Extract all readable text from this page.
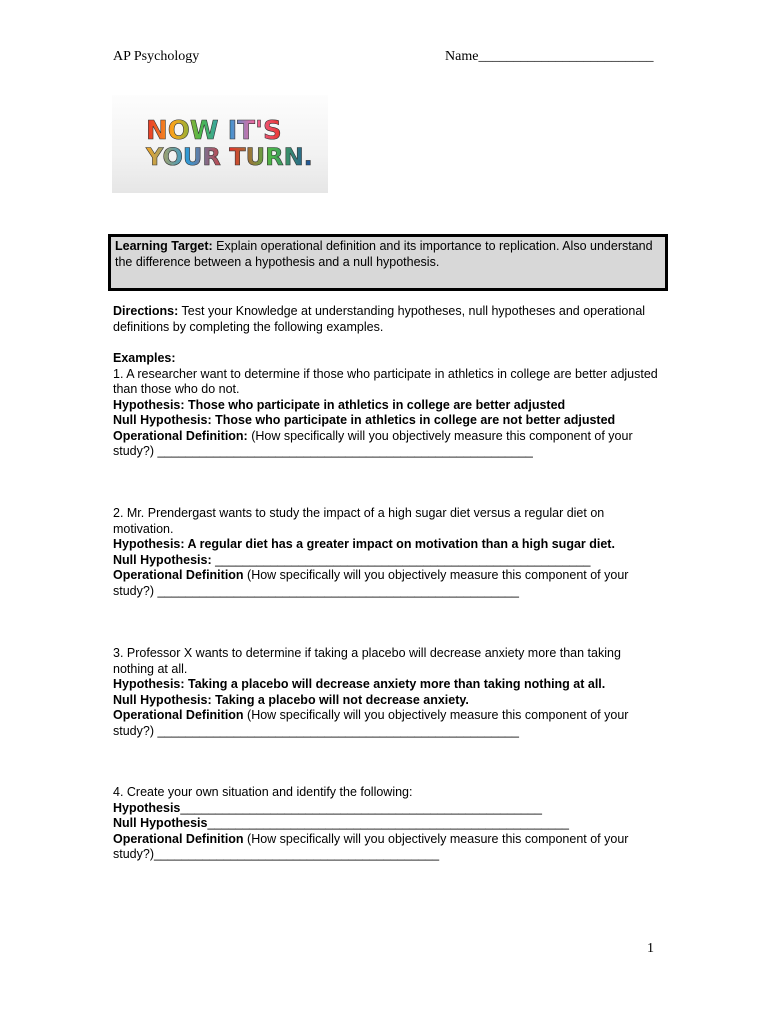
AP Psychology	Name_________________________
NOW IT'S
YOUR TURN.
Learning Target: Explain operational definition and its importance to replication. Also understand the difference between a hypothesis and a null hypothesis.

Directions: Test your Knowledge at understanding hypotheses, null hypotheses and operational definitions by completing the following examples.

Examples:

1. A researcher want to determine if those who participate in athletics in college are better adjusted than those who do not.

Hypothesis: Those who participate in athletics in college are better adjusted

Null Hypothesis: Those who participate in athletics in college are not better adjusted

Operational Definition: (How specifically will you objectively measure this component of your study?) ______________________________________________________

2. Mr. Prendergast wants to study the impact of a high sugar diet versus a regular diet on motivation.

Hypothesis: A regular diet has a greater impact on motivation than a high sugar diet.

Null Hypothesis: ______________________________________________________

Operational Definition (How specifically will you objectively measure this component of your study?) ____________________________________________________

3. Professor X wants to determine if taking a placebo will decrease anxiety more than taking nothing at all.

Hypothesis: Taking a placebo will decrease anxiety more than taking nothing at all.

Null Hypothesis: Taking a placebo will not decrease anxiety.

Operational Definition (How specifically will you objectively measure this component of your study?) ____________________________________________________

4. Create your own situation and identify the following:

Hypothesis____________________________________________________

Null Hypothesis____________________________________________________

Operational Definition (How specifically will you objectively measure this component of your study?)_________________________________________

1
